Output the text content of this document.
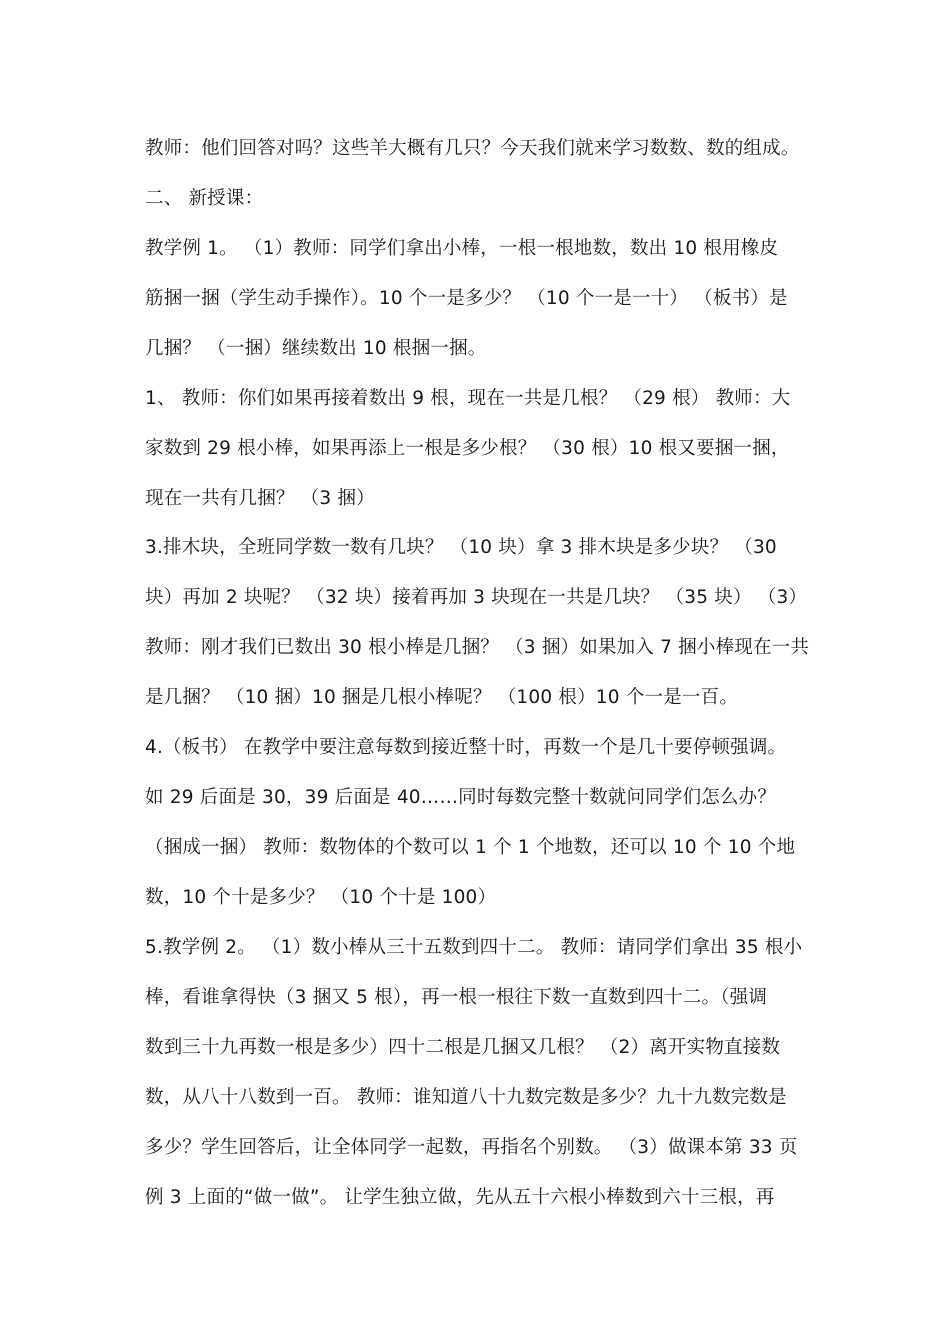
教师：他们回答对吗？这些羊大概有几只？今天我们就来学习数数、数的组成。
二、 新授课：
教学例 1。 （1）教师：同学们拿出小棒，一根一根地数，数出 10 根用橡皮
筋捆一捆（学生动手操作）。10 个一是多少？ （10 个一是一十） （板书）是
几捆？ （一捆）继续数出 10 根捆一捆。
1、 教师：你们如果再接着数出 9 根，现在一共是几根？ （29 根） 教师：大
家数到 29 根小棒，如果再添上一根是多少根？ （30 根）10 根又要捆一捆，
现在一共有几捆？ （3 捆）
3.排木块，全班同学数一数有几块？ （10 块）拿 3 排木块是多少块？ （30
块）再加 2 块呢？ （32 块）接着再加 3 块现在一共是几块？ （35 块） （3）
教师：刚才我们已数出 30 根小棒是几捆？ （3 捆）如果加入 7 捆小棒现在一共
是几捆？ （10 捆）10 捆是几根小棒呢？ （100 根）10 个一是一百。
4.（板书） 在教学中要注意每数到接近整十时，再数一个是几十要停顿强调。
如 29 后面是 30，39 后面是 40……同时每数完整十数就问同学们怎么办？
（捆成一捆） 教师：数物体的个数可以 1 个 1 个地数，还可以 10 个 10 个地
数，10 个十是多少？ （10 个十是 100）
5.教学例 2。 （1）数小棒从三十五数到四十二。 教师：请同学们拿出 35 根小
棒，看谁拿得快（3 捆又 5 根），再一根一根往下数一直数到四十二。（强调
数到三十九再数一根是多少）四十二根是几捆又几根？ （2）离开实物直接数
数，从八十八数到一百。 教师：谁知道八十九数完数是多少？九十九数完数是
多少？学生回答后，让全体同学一起数，再指名个别数。 （3）做课本第 33 页
例 3 上面的“做一做”。 让学生独立做，先从五十六根小棒数到六十三根，再
